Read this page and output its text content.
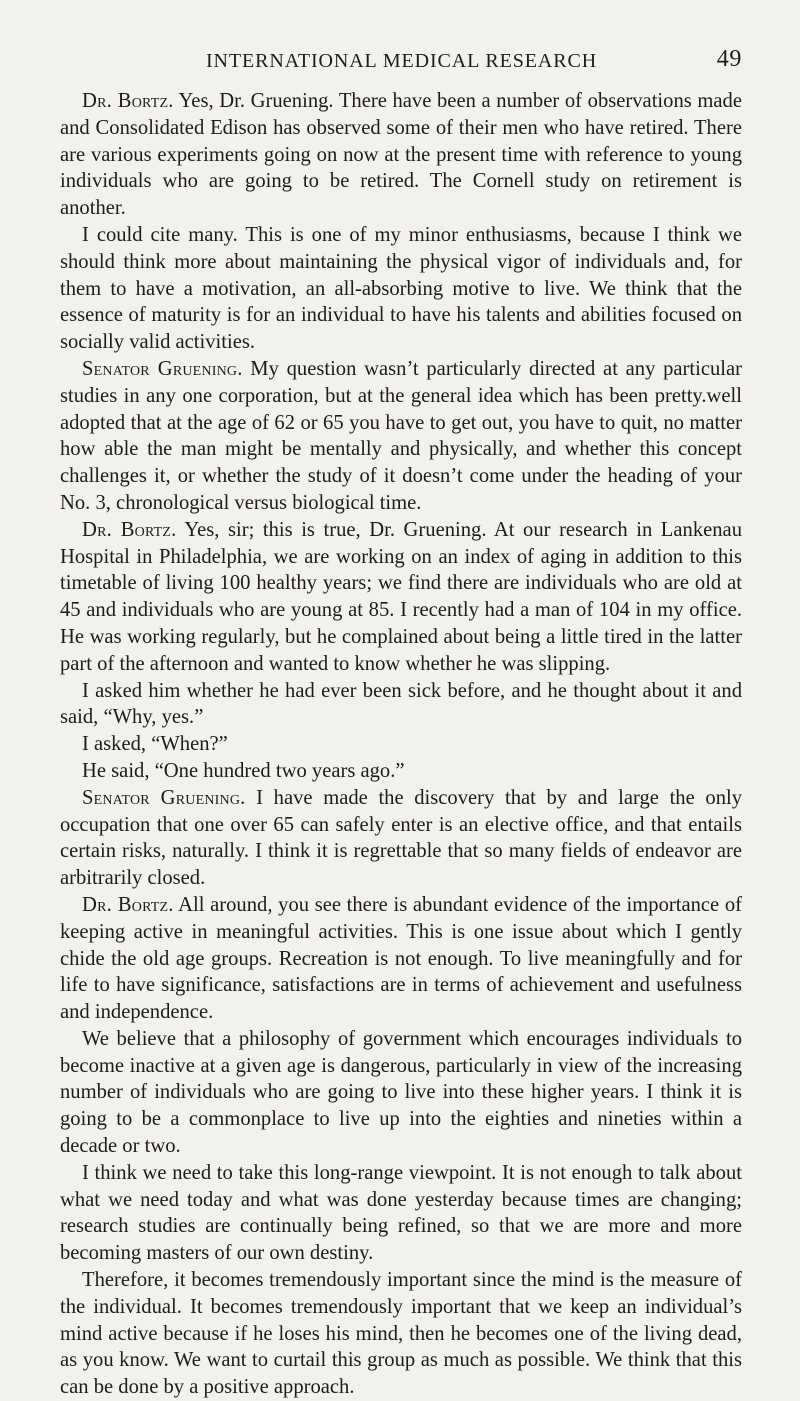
INTERNATIONAL MEDICAL RESEARCH	49

Dr. Bortz. Yes, Dr. Gruening. There have been a number of observations made and Consolidated Edison has observed some of their men who have retired. There are various experiments going on now at the present time with reference to young individuals who are going to be retired. The Cornell study on retirement is another.

I could cite many. This is one of my minor enthusiasms, because I think we should think more about maintaining the physical vigor of individuals and, for them to have a motivation, an all-absorbing motive to live. We think that the essence of maturity is for an individual to have his talents and abilities focused on socially valid activities.

Senator Gruening. My question wasn’t particularly directed at any particular studies in any one corporation, but at the general idea which has been pretty.well adopted that at the age of 62 or 65 you have to get out, you have to quit, no matter how able the man might be mentally and physically, and whether this concept challenges it, or whether the study of it doesn’t come under the heading of your No. 3, chronological versus biological time.

Dr. Bortz. Yes, sir; this is true, Dr. Gruening. At our research in Lankenau Hospital in Philadelphia, we are working on an index of aging in addition to this timetable of living 100 healthy years; we find there are individuals who are old at 45 and individuals who are young at 85. I recently had a man of 104 in my office. He was working regularly, but he complained about being a little tired in the latter part of the afternoon and wanted to know whether he was slipping.

I asked him whether he had ever been sick before, and he thought about it and said, “Why, yes.”

I asked, “When?”

He said, “One hundred two years ago.”

Senator Gruening. I have made the discovery that by and large the only occupation that one over 65 can safely enter is an elective office, and that entails certain risks, naturally. I think it is regrettable that so many fields of endeavor are arbitrarily closed.

Dr. Bortz. All around, you see there is abundant evidence of the importance of keeping active in meaningful activities. This is one issue about which I gently chide the old age groups. Recreation is not enough. To live meaningfully and for life to have significance, satisfactions are in terms of achievement and usefulness and independence.

We believe that a philosophy of government which encourages individuals to become inactive at a given age is dangerous, particularly in view of the increasing number of individuals who are going to live into these higher years. I think it is going to be a commonplace to live up into the eighties and nineties within a decade or two.

I think we need to take this long-range viewpoint. It is not enough to talk about what we need today and what was done yesterday because times are changing; research studies are continually being refined, so that we are more and more becoming masters of our own destiny.

Therefore, it becomes tremendously important since the mind is the measure of the individual. It becomes tremendously important that we keep an individual’s mind active because if he loses his mind, then he becomes one of the living dead, as you know. We want to curtail this group as much as possible. We think that this can be done by a positive approach.
